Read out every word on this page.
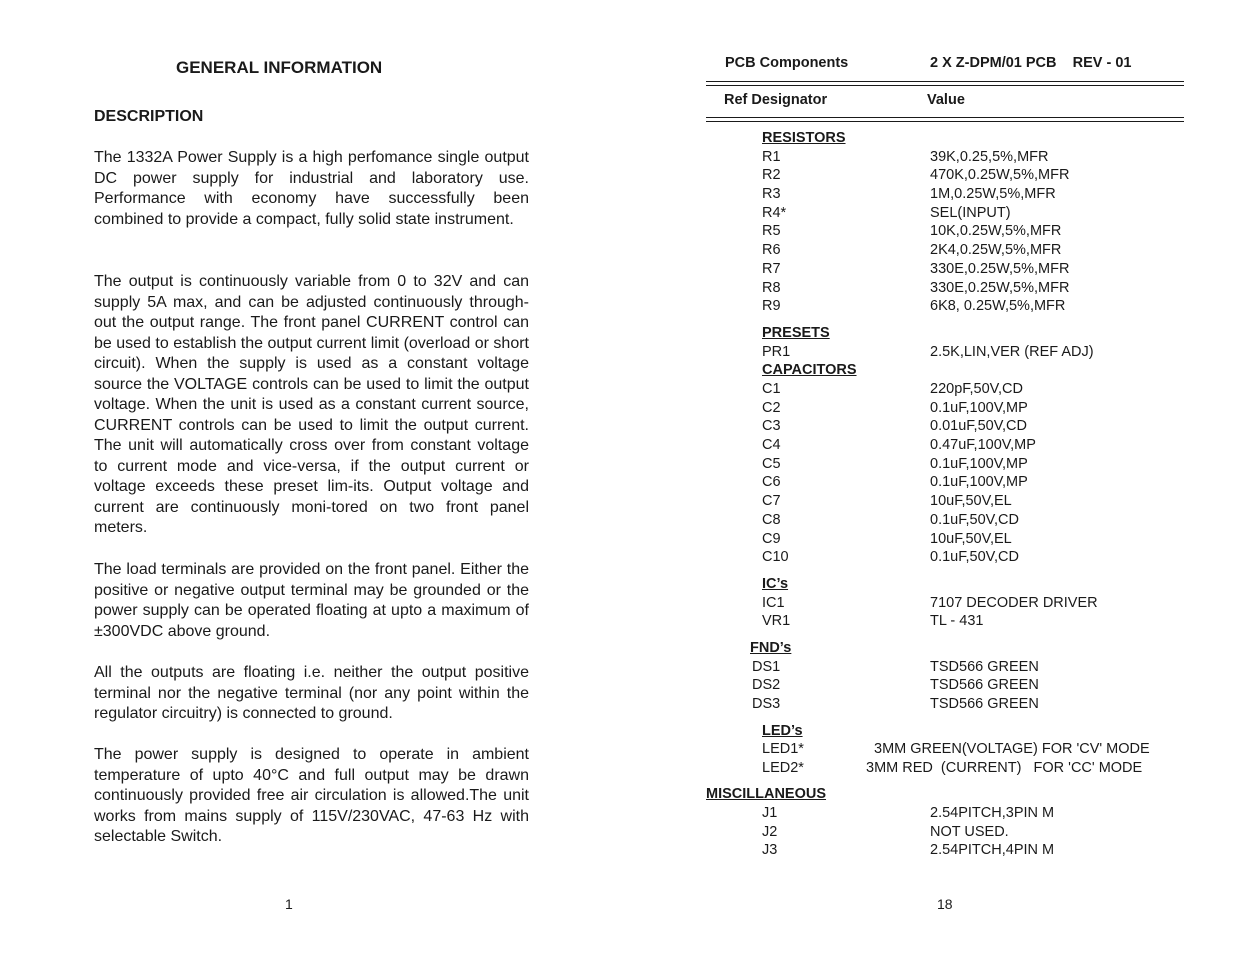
GENERAL INFORMATION
DESCRIPTION

The 1332A Power Supply is a high perfomance single output DC power supply for industrial and laboratory use. Performance with economy have successfully been combined to provide a compact, fully solid state instrument.

The output is continuously variable from 0 to 32V and can supply 5A max, and can be adjusted continuously through-out the output range. The front panel CURRENT control can be used to establish the output current limit (overload or short circuit). When the supply is used as a constant voltage source the VOLTAGE controls can be used to limit the output voltage. When the unit is used as a constant current source, CURRENT controls can be used to limit the output current. The unit will automatically cross over from constant voltage to current mode and vice-versa, if the output current or voltage exceeds these preset lim-its. Output voltage and current are continuously moni-tored on two front panel meters.

The load terminals are provided on the front panel. Either the positive or negative output terminal may be grounded or the power supply can be operated floating at upto a maximum of ±300VDC above ground.

All the outputs are floating i.e. neither the output positive terminal nor the negative terminal (nor any point within the regulator circuitry) is connected to ground.

The power supply is designed to operate in ambient temperature of upto 40°C and full output may be drawn continuously provided free air circulation is allowed.The unit works from mains supply of 115V/230VAC, 47-63 Hz with selectable Switch.

1
PCB Components	2 X Z-DPM/01 PCB    REV - 01
Ref Designator	Value
RESISTORS
R1	39K,0.25,5%,MFR
R2	470K,0.25W,5%,MFR
R3	1M,0.25W,5%,MFR
R4*	SEL(INPUT)
R5	10K,0.25W,5%,MFR
R6	2K4,0.25W,5%,MFR
R7	330E,0.25W,5%,MFR
R8	330E,0.25W,5%,MFR
R9	6K8, 0.25W,5%,MFR
PRESETS
PR1	2.5K,LIN,VER (REF ADJ)
CAPACITORS
C1	220pF,50V,CD
C2	0.1uF,100V,MP
C3	0.01uF,50V,CD
C4	0.47uF,100V,MP
C5	0.1uF,100V,MP
C6	0.1uF,100V,MP
C7	10uF,50V,EL
C8	0.1uF,50V,CD
C9	10uF,50V,EL
C10	0.1uF,50V,CD
IC’s
IC1	7107 DECODER DRIVER
VR1	TL - 431
FND’s
DS1	TSD566 GREEN
DS2	TSD566 GREEN
DS3	TSD566 GREEN
LED’s
LED1*	3MM GREEN(VOLTAGE) FOR 'CV' MODE
LED2*	3MM RED  (CURRENT)   FOR 'CC' MODE
MISCILLANEOUS
J1	2.54PITCH,3PIN M
J2	NOT USED.
J3	2.54PITCH,4PIN M
18
